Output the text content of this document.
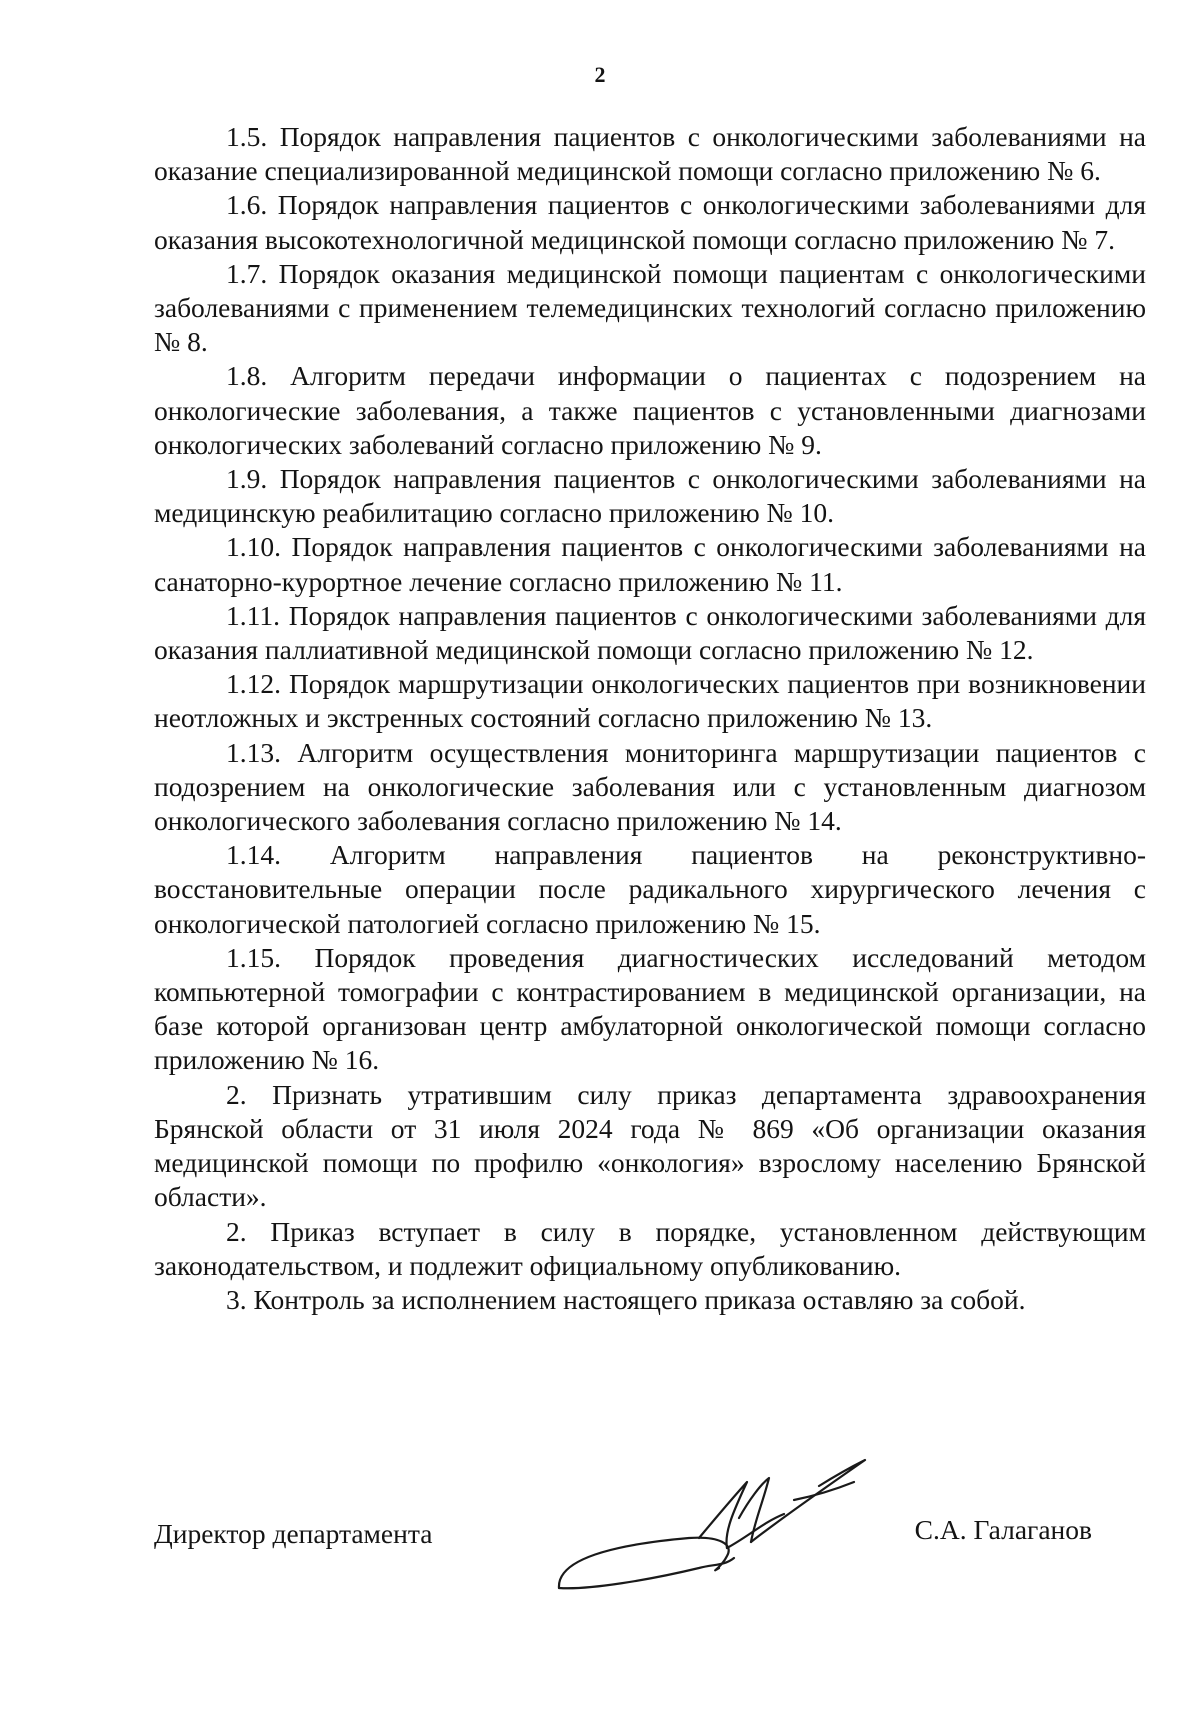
2

1.5. Порядок направления пациентов с онкологическими заболеваниями на оказание специализированной медицинской помощи согласно приложению № 6.

1.6. Порядок направления пациентов с онкологическими заболеваниями для оказания высокотехнологичной медицинской помощи согласно приложению № 7.

1.7. Порядок оказания медицинской помощи пациентам с онкологическими заболеваниями с применением телемедицинских технологий согласно приложению № 8.

1.8. Алгоритм передачи информации о пациентах с подозрением на онкологические заболевания, а также пациентов с установленными диагнозами онкологических заболеваний согласно приложению № 9.

1.9. Порядок направления пациентов с онкологическими заболеваниями на медицинскую реабилитацию согласно приложению № 10.

1.10. Порядок направления пациентов с онкологическими заболеваниями на санаторно-курортное лечение согласно приложению № 11.

1.11. Порядок направления пациентов с онкологическими заболеваниями для оказания паллиативной медицинской помощи согласно приложению № 12.

1.12. Порядок маршрутизации онкологических пациентов при возникновении неотложных и экстренных состояний согласно приложению № 13.

1.13. Алгоритм осуществления мониторинга маршрутизации пациентов с подозрением на онкологические заболевания или с установленным диагнозом онкологического заболевания согласно приложению № 14.

1.14. Алгоритм направления пациентов на реконструктивно-восстановительные операции после радикального хирургического лечения с онкологической патологией согласно приложению № 15.

1.15. Порядок проведения диагностических исследований методом компьютерной томографии с контрастированием в медицинской организации, на базе которой организован центр амбулаторной онкологической помощи согласно приложению № 16.

2. Признать утратившим силу приказ департамента здравоохранения Брянской области от 31 июля 2024 года № 869 «Об организации оказания медицинской помощи по профилю «онкология» взрослому населению Брянской области».

2. Приказ вступает в силу в порядке, установленном действующим законодательством, и подлежит официальному опубликованию.

3. Контроль за исполнением настоящего приказа оставляю за собой.

Директор департамента	С.А. Галаганов
